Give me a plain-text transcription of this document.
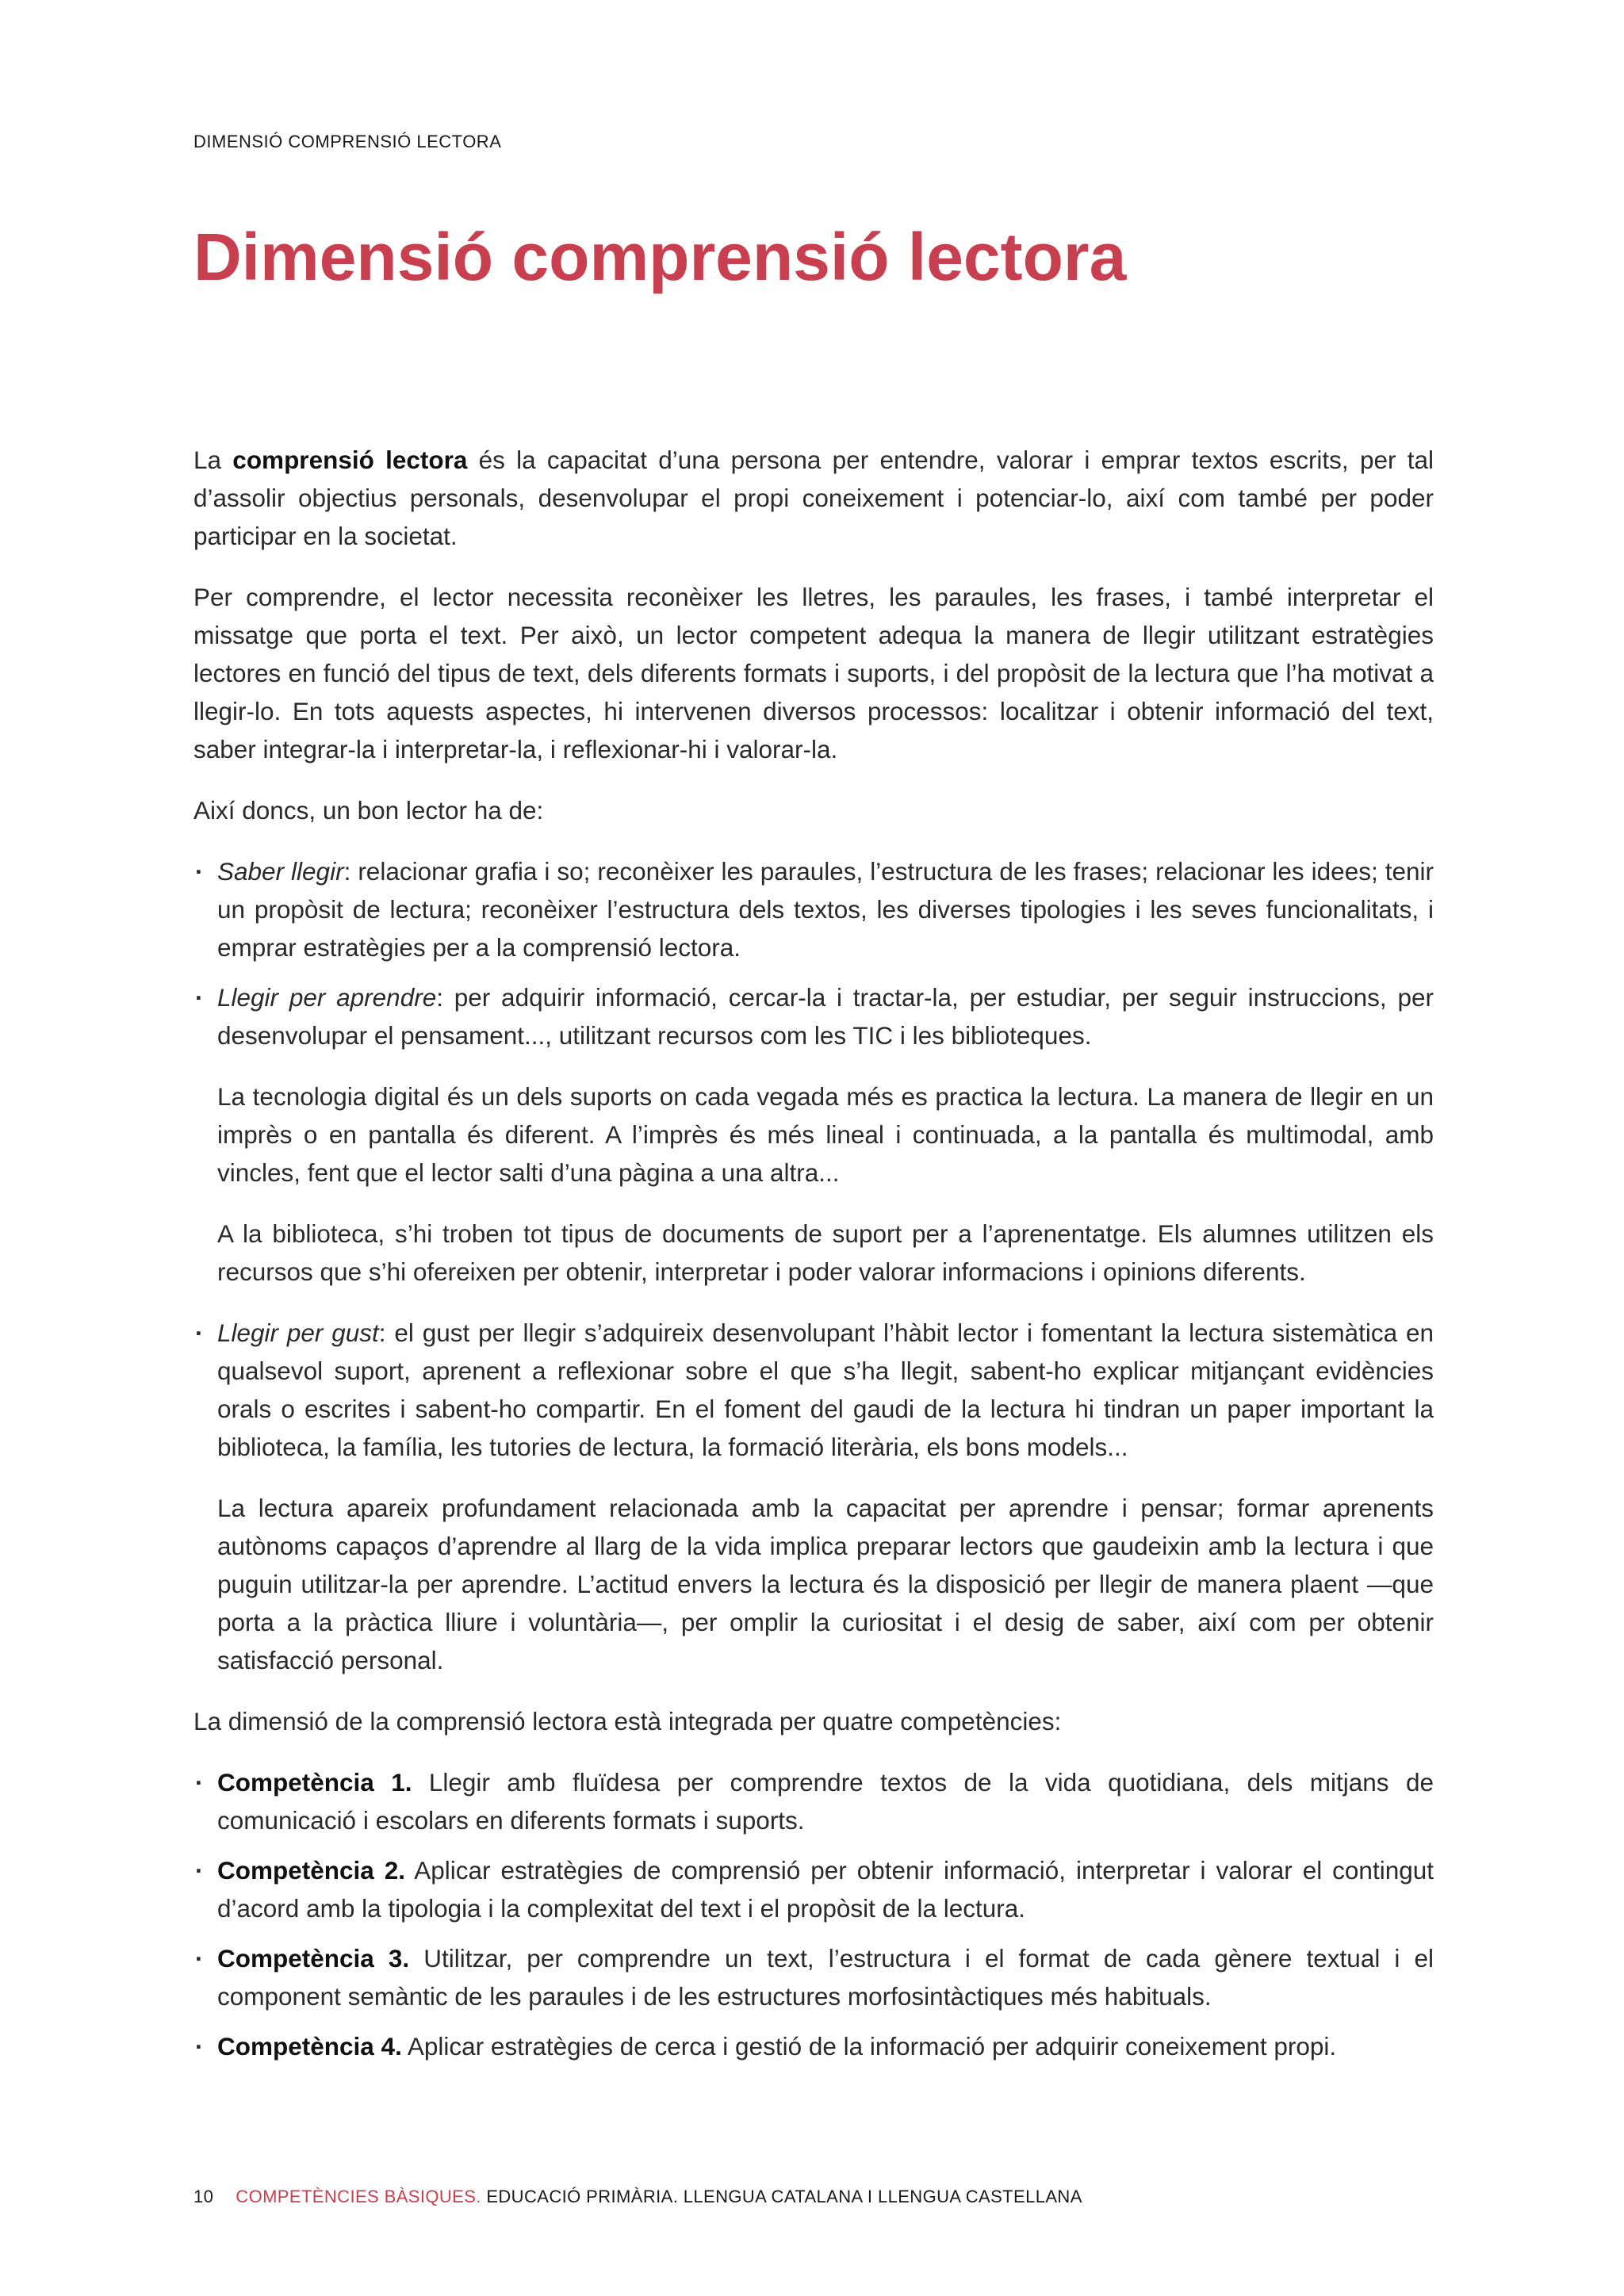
DIMENSIÓ COMPRENSIÓ LECTORA
Dimensió comprensió lectora

La comprensió lectora és la capacitat d’una persona per entendre, valorar i emprar textos escrits, per tal d’assolir objectius personals, desenvolupar el propi coneixement i potenciar-lo, així com també per poder participar en la societat.

Per comprendre, el lector necessita reconèixer les lletres, les paraules, les frases, i també interpretar el missatge que porta el text. Per això, un lector competent adequa la manera de llegir utilitzant estratègies lectores en funció del tipus de text, dels diferents formats i suports, i del propòsit de la lectura que l’ha motivat a llegir-lo. En tots aquests aspectes, hi intervenen diversos processos: localitzar i obtenir informació del text, saber integrar-la i interpretar-la, i reflexionar-hi i valorar-la.

Així doncs, un bon lector ha de:

· Saber llegir: relacionar grafia i so; reconèixer les paraules, l’estructura de les frases; relacionar les idees; tenir un propòsit de lectura; reconèixer l’estructura dels textos, les diverses tipologies i les seves funcionalitats, i emprar estratègies per a la comprensió lectora.
· Llegir per aprendre: per adquirir informació, cercar-la i tractar-la, per estudiar, per seguir instruccions, per desenvolupar el pensament..., utilitzant recursos com les TIC i les biblioteques.

La tecnologia digital és un dels suports on cada vegada més es practica la lectura. La manera de llegir en un imprès o en pantalla és diferent. A l’imprès és més lineal i continuada, a la pantalla és multimodal, amb vincles, fent que el lector salti d’una pàgina a una altra...

A la biblioteca, s’hi troben tot tipus de documents de suport per a l’aprenentatge. Els alumnes utilitzen els recursos que s’hi ofereixen per obtenir, interpretar i poder valorar informacions i opinions diferents.

· Llegir per gust: el gust per llegir s’adquireix desenvolupant l’hàbit lector i fomentant la lectura sistemàtica en qualsevol suport, aprenent a reflexionar sobre el que s’ha llegit, sabent-ho explicar mitjançant evidències orals o escrites i sabent-ho compartir. En el foment del gaudi de la lectura hi tindran un paper important la biblioteca, la família, les tutories de lectura, la formació literària, els bons models...

La lectura apareix profundament relacionada amb la capacitat per aprendre i pensar; formar aprenents autònoms capaços d’aprendre al llarg de la vida implica preparar lectors que gaudeixin amb la lectura i que puguin utilitzar-la per aprendre. L’actitud envers la lectura és la disposició per llegir de manera plaent —que porta a la pràctica lliure i voluntària—, per omplir la curiositat i el desig de saber, així com per obtenir satisfacció personal.

La dimensió de la comprensió lectora està integrada per quatre competències:

· Competència 1. Llegir amb fluïdesa per comprendre textos de la vida quotidiana, dels mitjans de comunicació i escolars en diferents formats i suports.
· Competència 2. Aplicar estratègies de comprensió per obtenir informació, interpretar i valorar el contingut d’acord amb la tipologia i la complexitat del text i el propòsit de la lectura.
· Competència 3. Utilitzar, per comprendre un text, l’estructura i el format de cada gènere textual i el component semàntic de les paraules i de les estructures morfosintàctiques més habituals.
· Competència 4. Aplicar estratègies de cerca i gestió de la informació per adquirir coneixement propi.
10 COMPETÈNCIES BÀSIQUES. EDUCACIÓ PRIMÀRIA. LLENGUA CATALANA I LLENGUA CASTELLANA
